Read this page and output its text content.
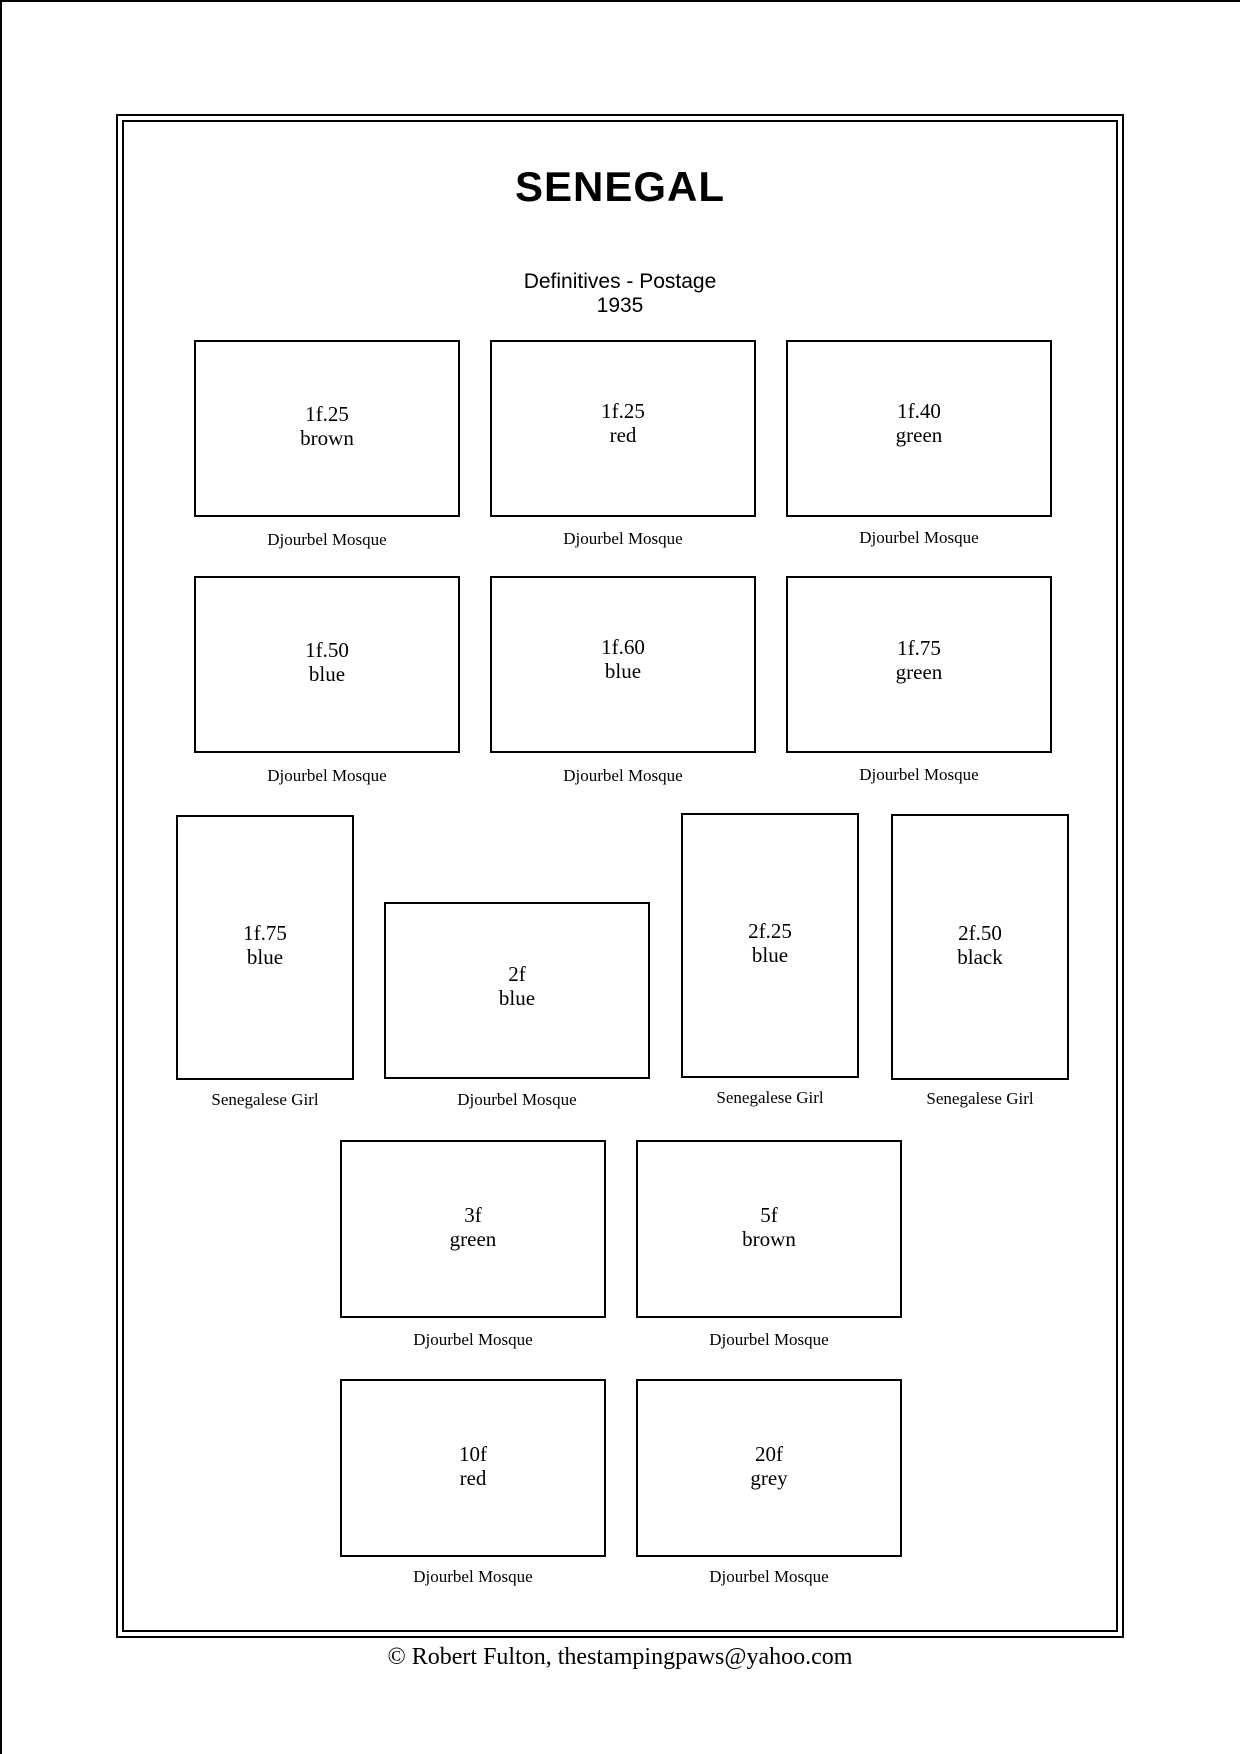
SENEGAL
Definitives - Postage
1935
1f.25
brown
Djourbel Mosque
1f.25
red
Djourbel Mosque
1f.40
green
Djourbel Mosque
1f.50
blue
Djourbel Mosque
1f.60
blue
Djourbel Mosque
1f.75
green
Djourbel Mosque
1f.75
blue
Senegalese Girl
2f
blue
Djourbel Mosque
2f.25
blue
Senegalese Girl
2f.50
black
Senegalese Girl
3f
green
Djourbel Mosque
5f
brown
Djourbel Mosque
10f
red
Djourbel Mosque
20f
grey
Djourbel Mosque
© Robert Fulton, thestampingpaws@yahoo.com
